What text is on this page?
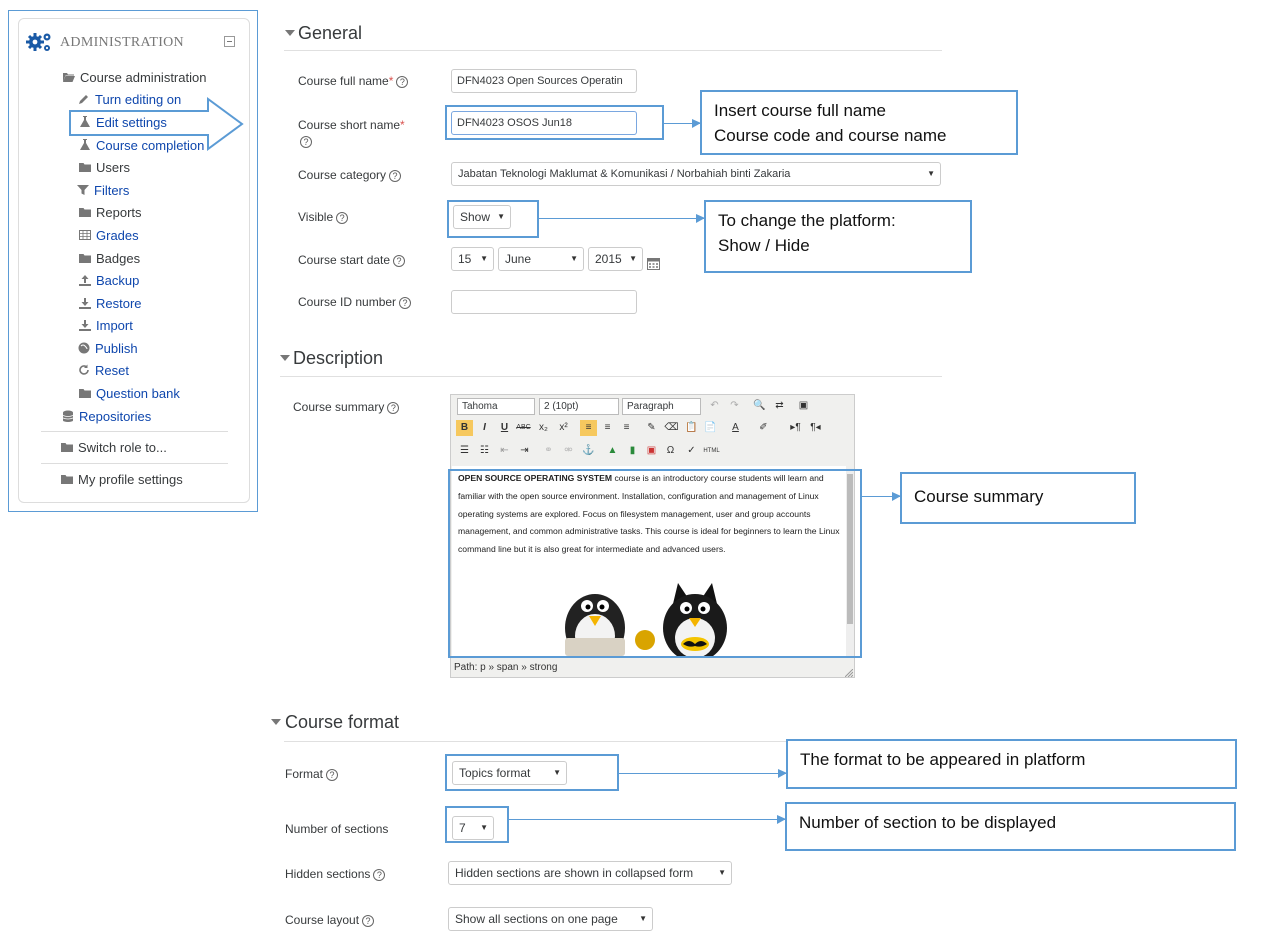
ADMINISTRATION
Course administration
Turn editing on
Edit settings
Course completion
Users
Filters
Reports
Grades
Badges
Backup
Restore
Import
Publish
Reset
Question bank
Repositories
Switch role to...
My profile settings
General
Course full name* ?	DFN4023 Open Sources Operatin
Course short name*
?
DFN4023 OSOS Jun18
Course category ?	Jabatan Teknologi Maklumat & Komunikasi / Norbahiah binti Zakaria	▼
Visible ?	Show ▼
Course start date ?	15 ▼	June	▼	2015 ▼
Course ID number ?
Description
Course summary ?	Tahoma	2 (10pt)	Paragraph	↶	↷	🔍 ⇄	▣
B	I	U	ABC x₂	x²	≡	≡	≡	✎ ⌫ 📋 📄	A	✐	▸¶ ¶◂
☰	☷	⇤	⇥	⚭	⚮ ⚓	▲	▮	▣	Ω	✓	HTML
OPEN SOURCE OPERATING SYSTEM course is an introductory course students will learn and familiar with the open source environment. Installation, configuration and management of Linux operating systems are explored. Focus on filesystem management, user and group accounts management, and common administrative tasks. This course is ideal for beginners to learn the Linux command line but it is also great for intermediate and advanced users.
Path: p » span » strong
Course format
Format ?	Topics format	▼
Number of sections	7 ▼
Hidden sections ?	Hidden sections are shown in collapsed form	▼
Course layout ?	Show all sections on one page	▼
Insert course full name
Course code and course name
To change the platform:
Show / Hide
Course summary
The format to be appeared in platform
Number of section to be displayed
